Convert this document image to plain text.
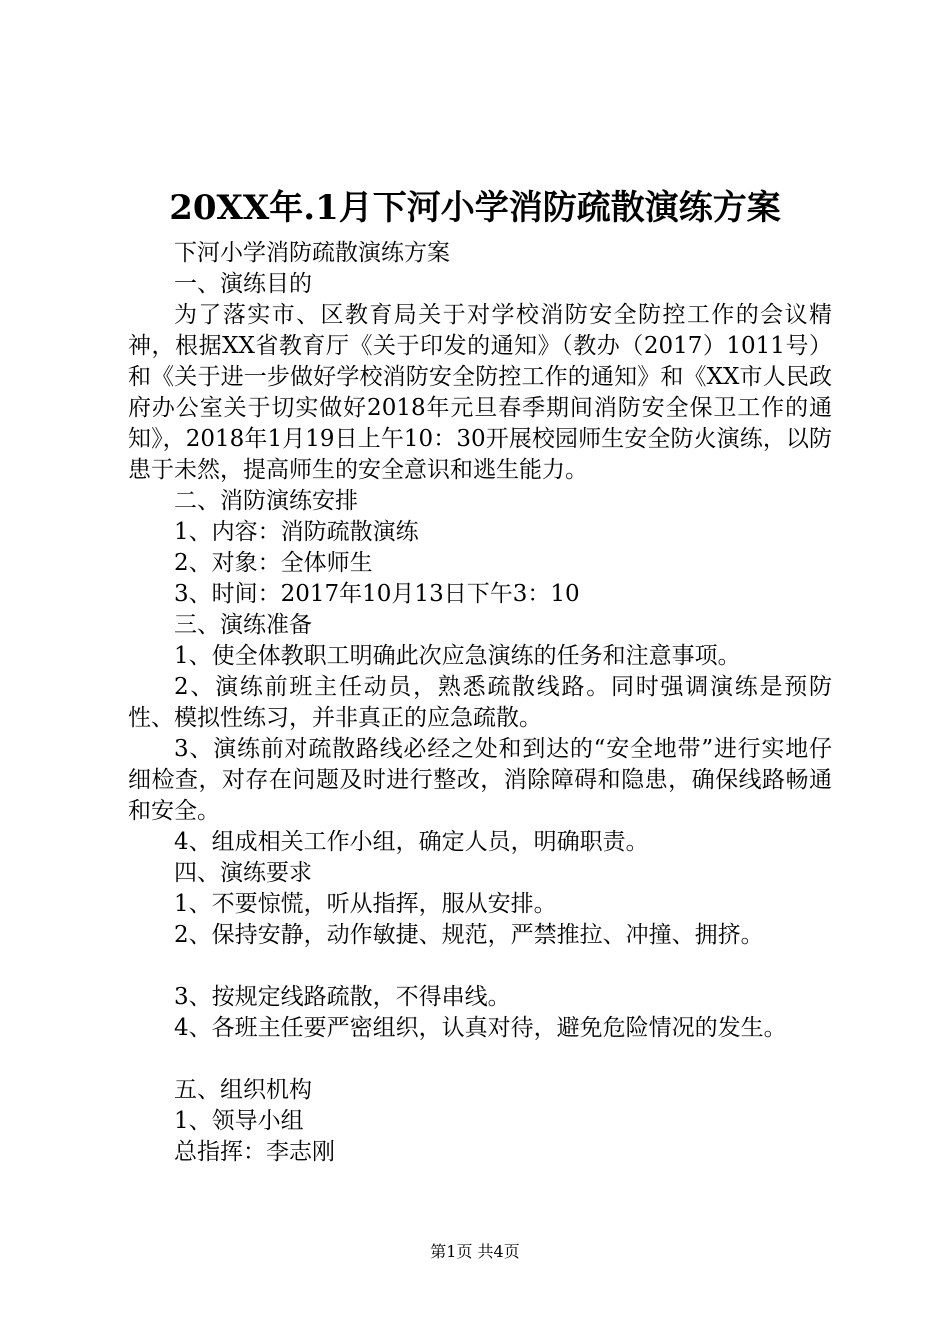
20XX年.1月下河小学消防疏散演练方案

下河小学消防疏散演练方案

一、演练目的

为了落实市、区教育局关于对学校消防安全防控工作的会议精神，根据XX省教育厅《关于印发的通知》（教办（2017）1011号）和《关于进一步做好学校消防安全防控工作的通知》和《XX市人民政府办公室关于切实做好2018年元旦春季期间消防安全保卫工作的通知》，2018年1月19日上午10：30开展校园师生安全防火演练，以防患于未然，提高师生的安全意识和逃生能力。

二、消防演练安排

1、内容：消防疏散演练

2、对象：全体师生

3、时间：2017年10月13日下午3：10

三、演练准备

1、使全体教职工明确此次应急演练的任务和注意事项。

2、演练前班主任动员，熟悉疏散线路。同时强调演练是预防性、模拟性练习，并非真正的应急疏散。

3、演练前对疏散路线必经之处和到达的“安全地带”进行实地仔细检查，对存在问题及时进行整改，消除障碍和隐患，确保线路畅通和安全。

4、组成相关工作小组，确定人员，明确职责。

四、演练要求

1、不要惊慌，听从指挥，服从安排。

2、保持安静，动作敏捷、规范，严禁推拉、冲撞、拥挤。

3、按规定线路疏散，不得串线。

4、各班主任要严密组织，认真对待，避免危险情况的发生。

五、组织机构

1、领导小组

总指挥：李志刚

第1页 共4页
